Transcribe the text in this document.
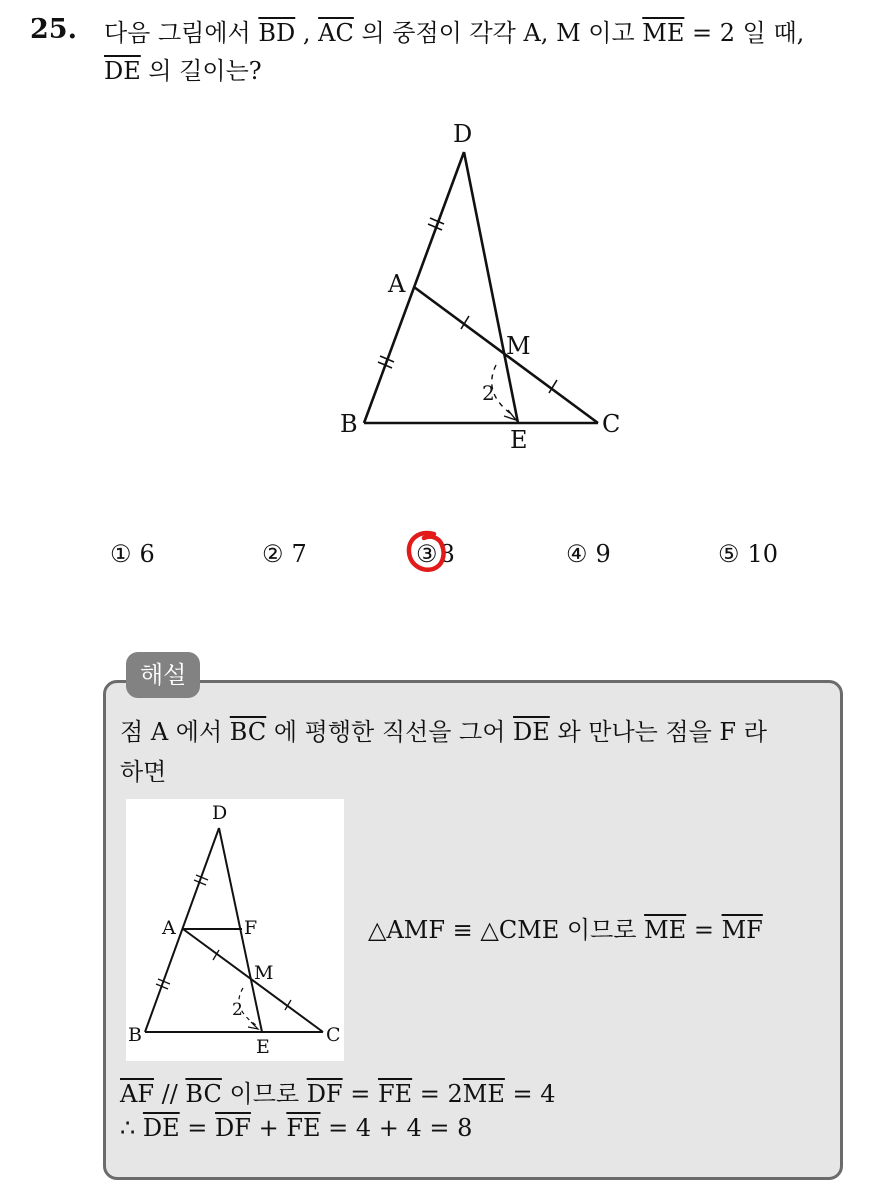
25. 다음 그림에서 $\overline{BD}$ , $\overline{AC}$ 의 중점이 각각 A, M 이고 $\overline{ME} = 2$ 일 때,
$\overline{DE}$ 의 길이는?
D
A
M
B
E
C
2
① 6	② 7	③8	④ 9	⑤ 10
해설
점 A 에서 $\overline{BC}$ 에 평행한 직선을 그어 $\overline{DE}$ 와 만나는 점을 F 라
하면
D
A	F
M
B
E
C
2
△AMF ≡ △CME 이므로 $\overline{ME} = \overline{MF}$
$\overline{AF} // \overline{BC}$ 이므로 $\overline{DF} = \overline{FE} = 2\overline{ME} = 4$
∴ $\overline{DE} = \overline{DF} + \overline{FE} = 4 + 4 = 8$
